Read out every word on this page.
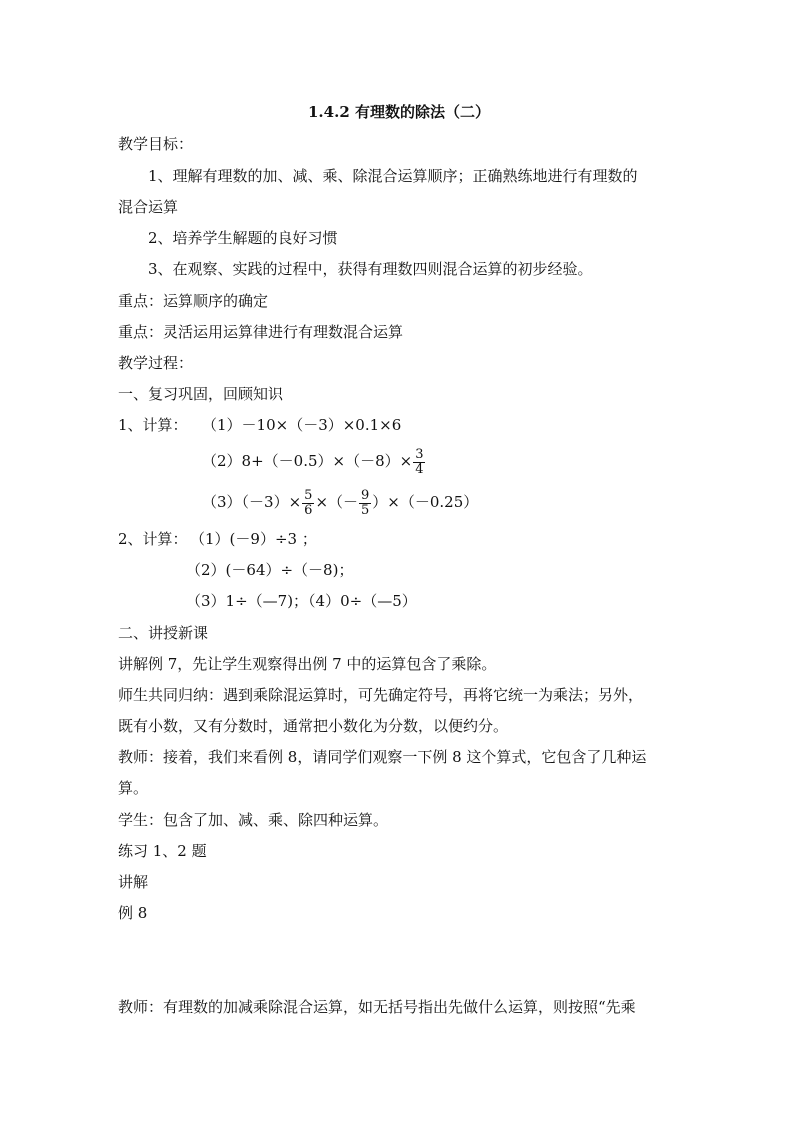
1.4.2 有理数的除法（二）
教学目标：
1、理解有理数的加、减、乘、除混合运算顺序；正确熟练地进行有理数的
混合运算
2、培养学生解题的良好习惯
3、在观察、实践的过程中，获得有理数四则混合运算的初步经验。
重点：运算顺序的确定
重点：灵活运用运算律进行有理数混合运算
教学过程：
一、复习巩固，回顾知识
1、计算： （1）－10×（－3）×0.1×6
$(2)8+(-0.5)\times(-8)\times \frac{3}{4}$
$(3)(-3)\times \frac{5}{6}$ ×（－ $\frac{9}{5} )\times(-0.25)$
2、计算： （1）(－9）÷3 ；
（2）(－64）÷（－8)；
（3）1÷（—7)；（4）0÷（—5）
二、讲授新课
讲解例 7，先让学生观察得出例 7 中的运算包含了乘除。
师生共同归纳：遇到乘除混运算时，可先确定符号，再将它统一为乘法；另外，
既有小数，又有分数时，通常把小数化为分数，以便约分。
教师：接着，我们来看例 8，请同学们观察一下例 8 这个算式，它包含了几种运
算。
学生：包含了加、减、乘、除四种运算。
练习 1、2 题
讲解
例 8
教师：有理数的加减乘除混合运算，如无括号指出先做什么运算，则按照“先乘
